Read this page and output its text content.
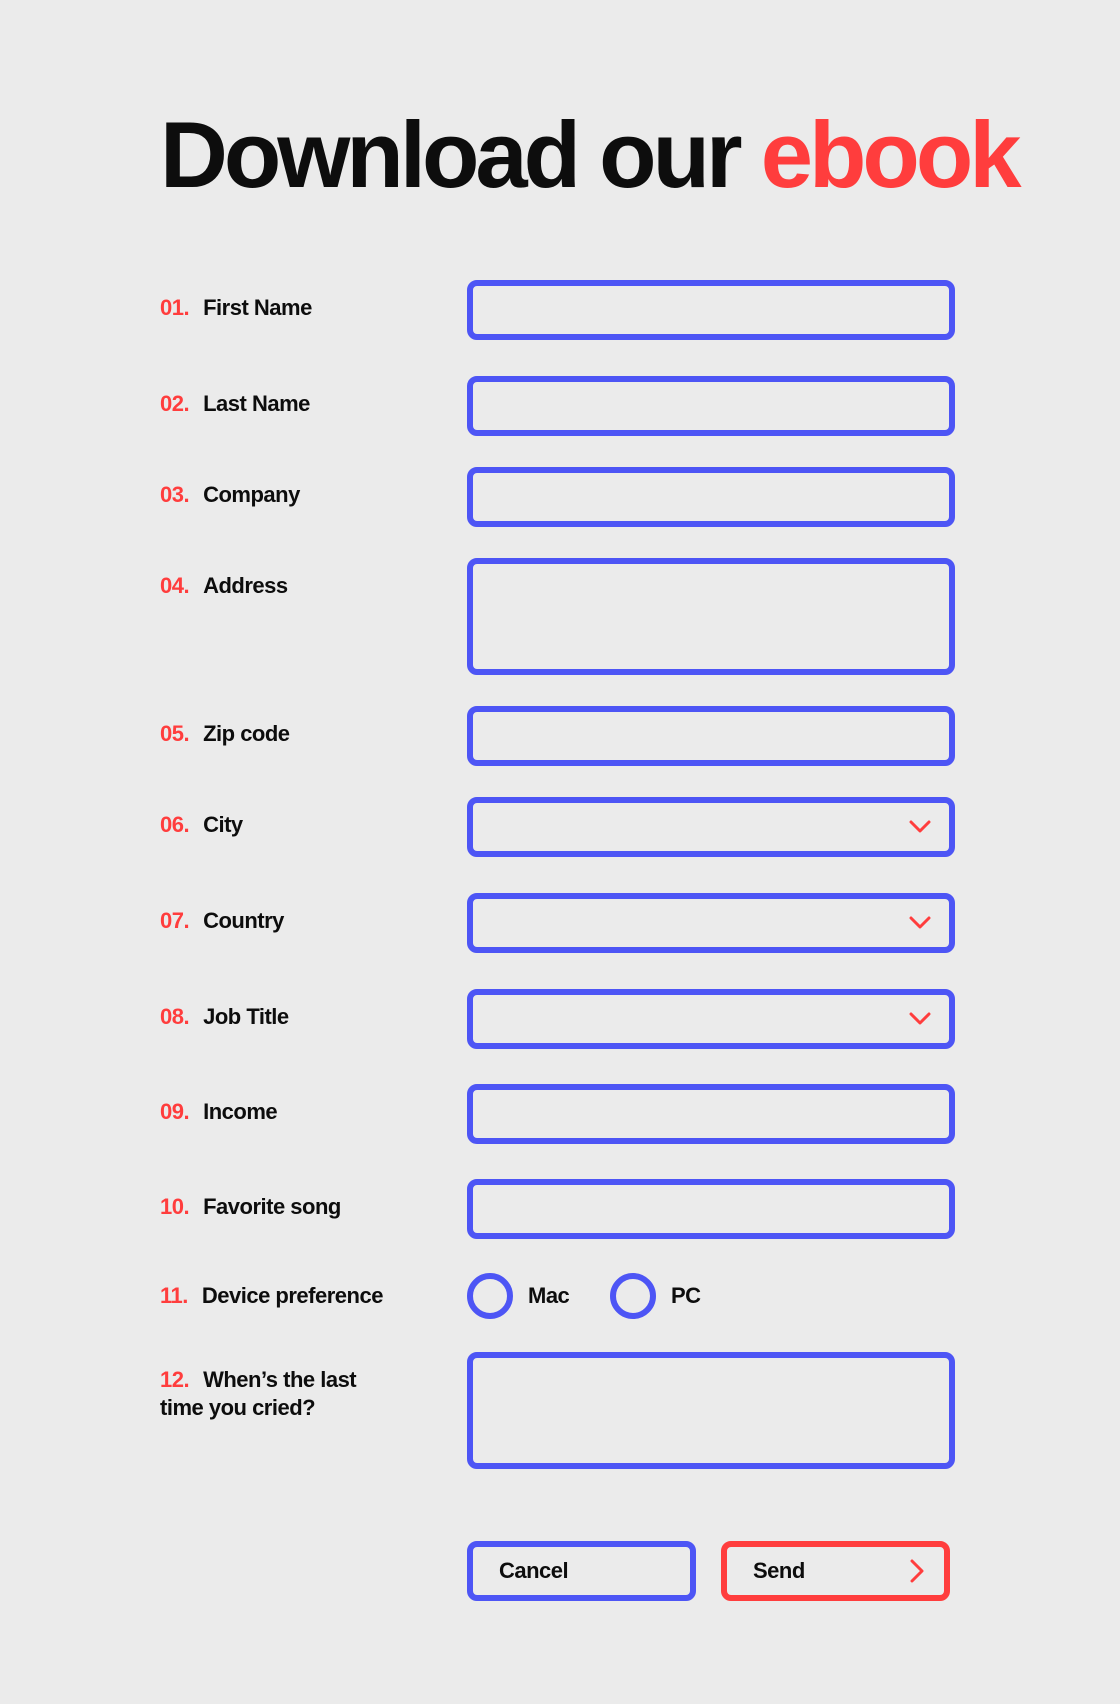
Download our ebook
01. First Name
02. Last Name
03. Company
04. Address
05. Zip code
06. City
07. Country
08. Job Title
09. Income
10. Favorite song
11. Device preference	Mac	PC
12. When’s the last time you cried?
Cancel	Send
